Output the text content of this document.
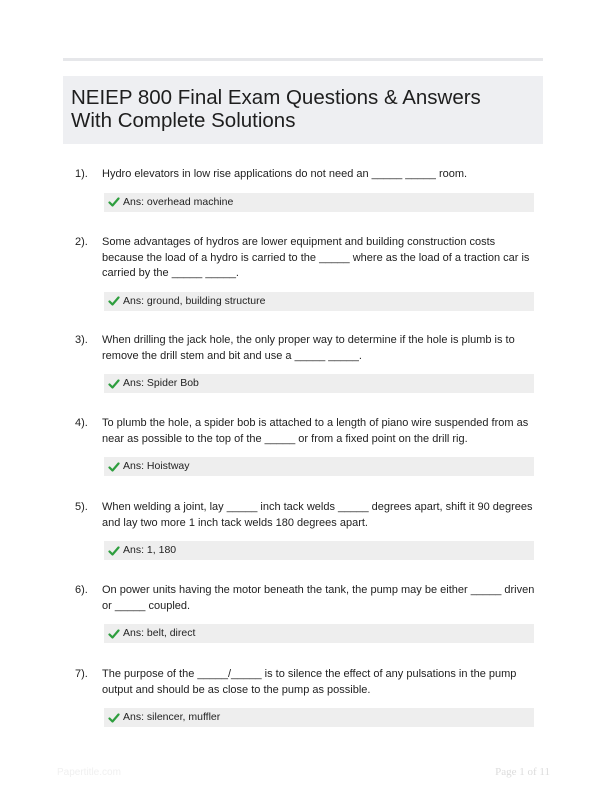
NEIEP 800 Final Exam Questions & Answers
With Complete Solutions
1). Hydro elevators in low rise applications do not need an _____ _____ room.
Ans: overhead machine
2). Some advantages of hydros are lower equipment and building construction costs because the load of a hydro is carried to the _____ where as the load of a traction car is carried by the _____ _____.
Ans: ground, building structure
3). When drilling the jack hole, the only proper way to determine if the hole is plumb is to remove the drill stem and bit and use a _____ _____.
Ans: Spider Bob
4). To plumb the hole, a spider bob is attached to a length of piano wire suspended from as near as possible to the top of the _____ or from a fixed point on the drill rig.
Ans: Hoistway
5). When welding a joint, lay _____ inch tack welds _____ degrees apart, shift it 90 degrees and lay two more 1 inch tack welds 180 degrees apart.
Ans: 1, 180
6). On power units having the motor beneath the tank, the pump may be either _____ driven or _____ coupled.
Ans: belt, direct
7). The purpose of the _____/_____ is to silence the effect of any pulsations in the pump output and should be as close to the pump as possible.
Ans: silencer, muffler
Papertitle.com	Page 1 of 11
